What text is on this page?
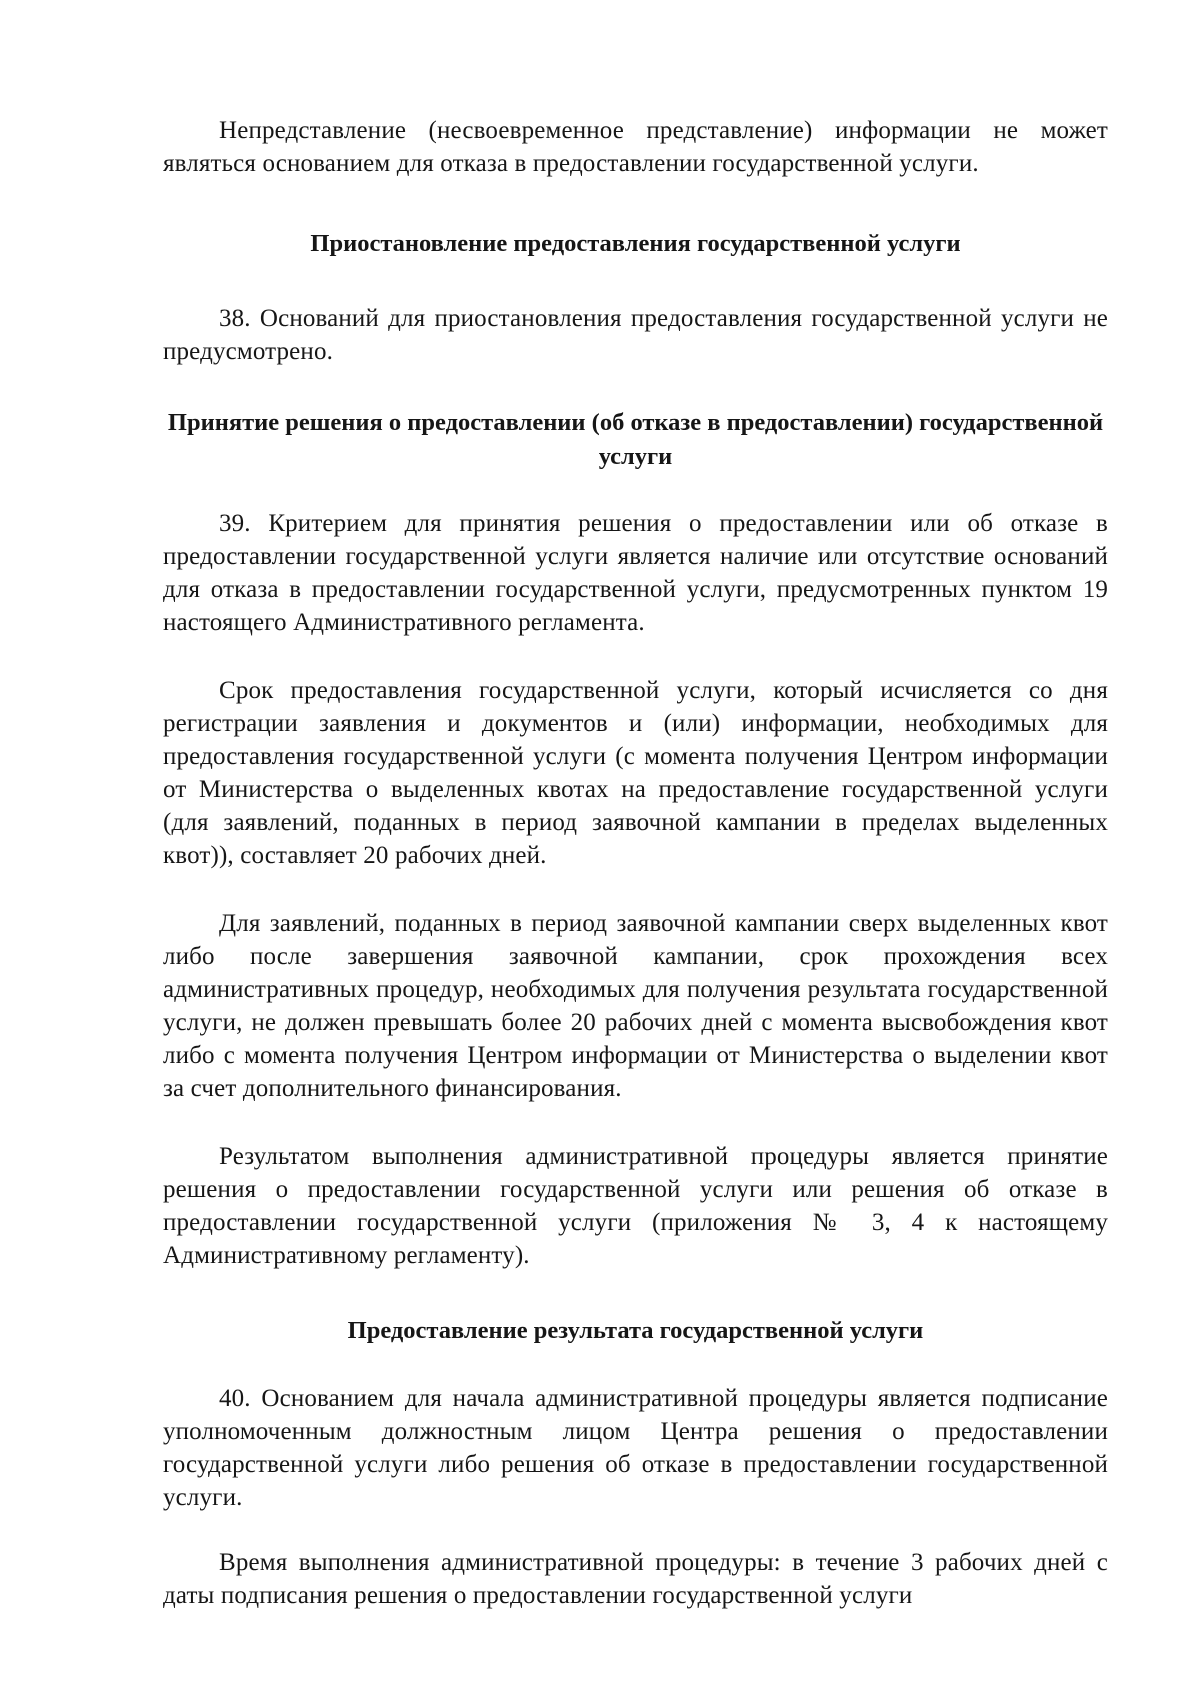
Непредставление (несвоевременное представление) информации не может являться основанием для отказа в предоставлении государственной услуги.

Приостановление предоставления государственной услуги

38. Оснований для приостановления предоставления государственной услуги не предусмотрено.

Принятие решения о предоставлении (об отказе в предоставлении) государственной услуги

39. Критерием для принятия решения о предоставлении или об отказе в предоставлении государственной услуги является наличие или отсутствие оснований для отказа в предоставлении государственной услуги, предусмотренных пунктом 19 настоящего Административного регламента.

Срок предоставления государственной услуги, который исчисляется со дня регистрации заявления и документов и (или) информации, необходимых для предоставления государственной услуги (с момента получения Центром информации от Министерства о выделенных квотах на предоставление государственной услуги (для заявлений, поданных в период заявочной кампании в пределах выделенных квот)), составляет 20 рабочих дней.

Для заявлений, поданных в период заявочной кампании сверх выделенных квот либо после завершения заявочной кампании, срок прохождения всех административных процедур, необходимых для получения результата государственной услуги, не должен превышать более 20 рабочих дней с момента высвобождения квот либо с момента получения Центром информации от Министерства о выделении квот за счет дополнительного финансирования.

Результатом выполнения административной процедуры является принятие решения о предоставлении государственной услуги или решения об отказе в предоставлении государственной услуги (приложения № 3, 4 к настоящему Административному регламенту).

Предоставление результата государственной услуги

40. Основанием для начала административной процедуры является подписание уполномоченным должностным лицом Центра решения о предоставлении государственной услуги либо решения об отказе в предоставлении государственной услуги.

Время выполнения административной процедуры: в течение 3 рабочих дней с даты подписания решения о предоставлении государственной услуги
